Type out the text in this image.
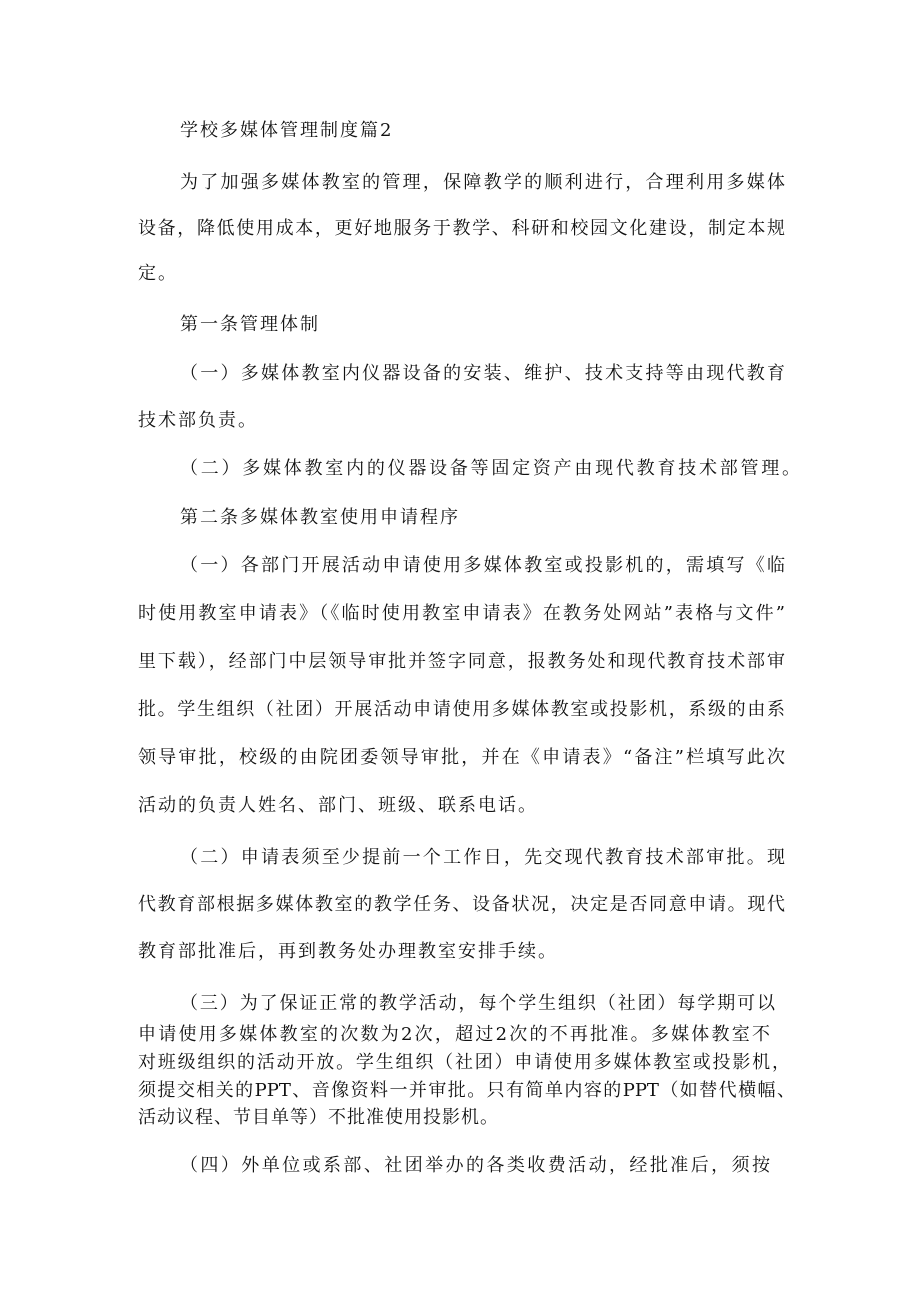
学校多媒体管理制度篇2
为了加强多媒体教室的管理，保障教学的顺利进行，合理利用多媒体
设备，降低使用成本，更好地服务于教学、科研和校园文化建设，制定本规
定。
第一条管理体制
（一）多媒体教室内仪器设备的安装、维护、技术支持等由现代教育
技术部负责。
（二）多媒体教室内的仪器设备等固定资产由现代教育技术部管理。
第二条多媒体教室使用申请程序
（一）各部门开展活动申请使用多媒体教室或投影机的，需填写《临
时使用教室申请表》（《临时使用教室申请表》在教务处网站”表格与文件”
里下载），经部门中层领导审批并签字同意，报教务处和现代教育技术部审
批。学生组织（社团）开展活动申请使用多媒体教室或投影机，系级的由系
领导审批，校级的由院团委领导审批，并在《申请表》“备注”栏填写此次
活动的负责人姓名、部门、班级、联系电话。
（二）申请表须至少提前一个工作日，先交现代教育技术部审批。现
代教育部根据多媒体教室的教学任务、设备状况，决定是否同意申请。现代
教育部批准后，再到教务处办理教室安排手续。
（三）为了保证正常的教学活动，每个学生组织（社团）每学期可以
申请使用多媒体教室的次数为2次，超过2次的不再批准。多媒体教室不
对班级组织的活动开放。学生组织（社团）申请使用多媒体教室或投影机，
须提交相关的PPT、音像资料一并审批。只有简单内容的PPT（如替代横幅、
活动议程、节目单等）不批准使用投影机。
（四）外单位或系部、社团举办的各类收费活动，经批准后，须按
